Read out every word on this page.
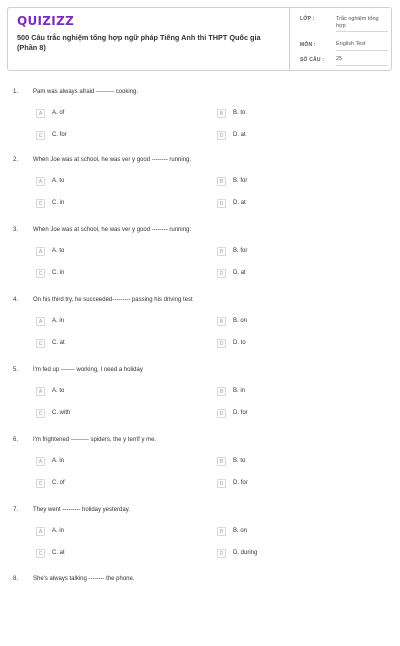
QUIZIZZ
500 Câu trắc nghiệm tổng hợp ngữ pháp Tiếng Anh thi THPT Quốc gia (Phần 8)
LỚP :	Trắc nghiệm tổng hợp
MÔN :	English Test
SỐ CÂU : 25
1. Pam was always afraid --------- cooking.
A	A. of	B	B. to
C	C. for	D	D. at
2. When Joe was at school, he was ver y good -------- running.
A	A. to	B	B. for
C	C. in	D	D. at
3. When Joe was at school, he was ver y good -------- running.
A	A. to	B	B. for
C	C. in	D	D. at
4. On his third try, he succeeded--------- passing his driving test
A	A. in	B	B. on
C	C. at	D	D. to
5. I'm fed up ------- working, I need a holiday
A	A. to	B	B. in
C	C. with	D	D. for
6. I'm frightened --------- spiders, the y terrif y me.
A	A. in	B	B. to
C	C. of	D	D. for
7. They went --------- holiday yesterday.
A	A. in	B	B. on
C	C. at	D	D. during
8. She's always talking -------- the phone.
